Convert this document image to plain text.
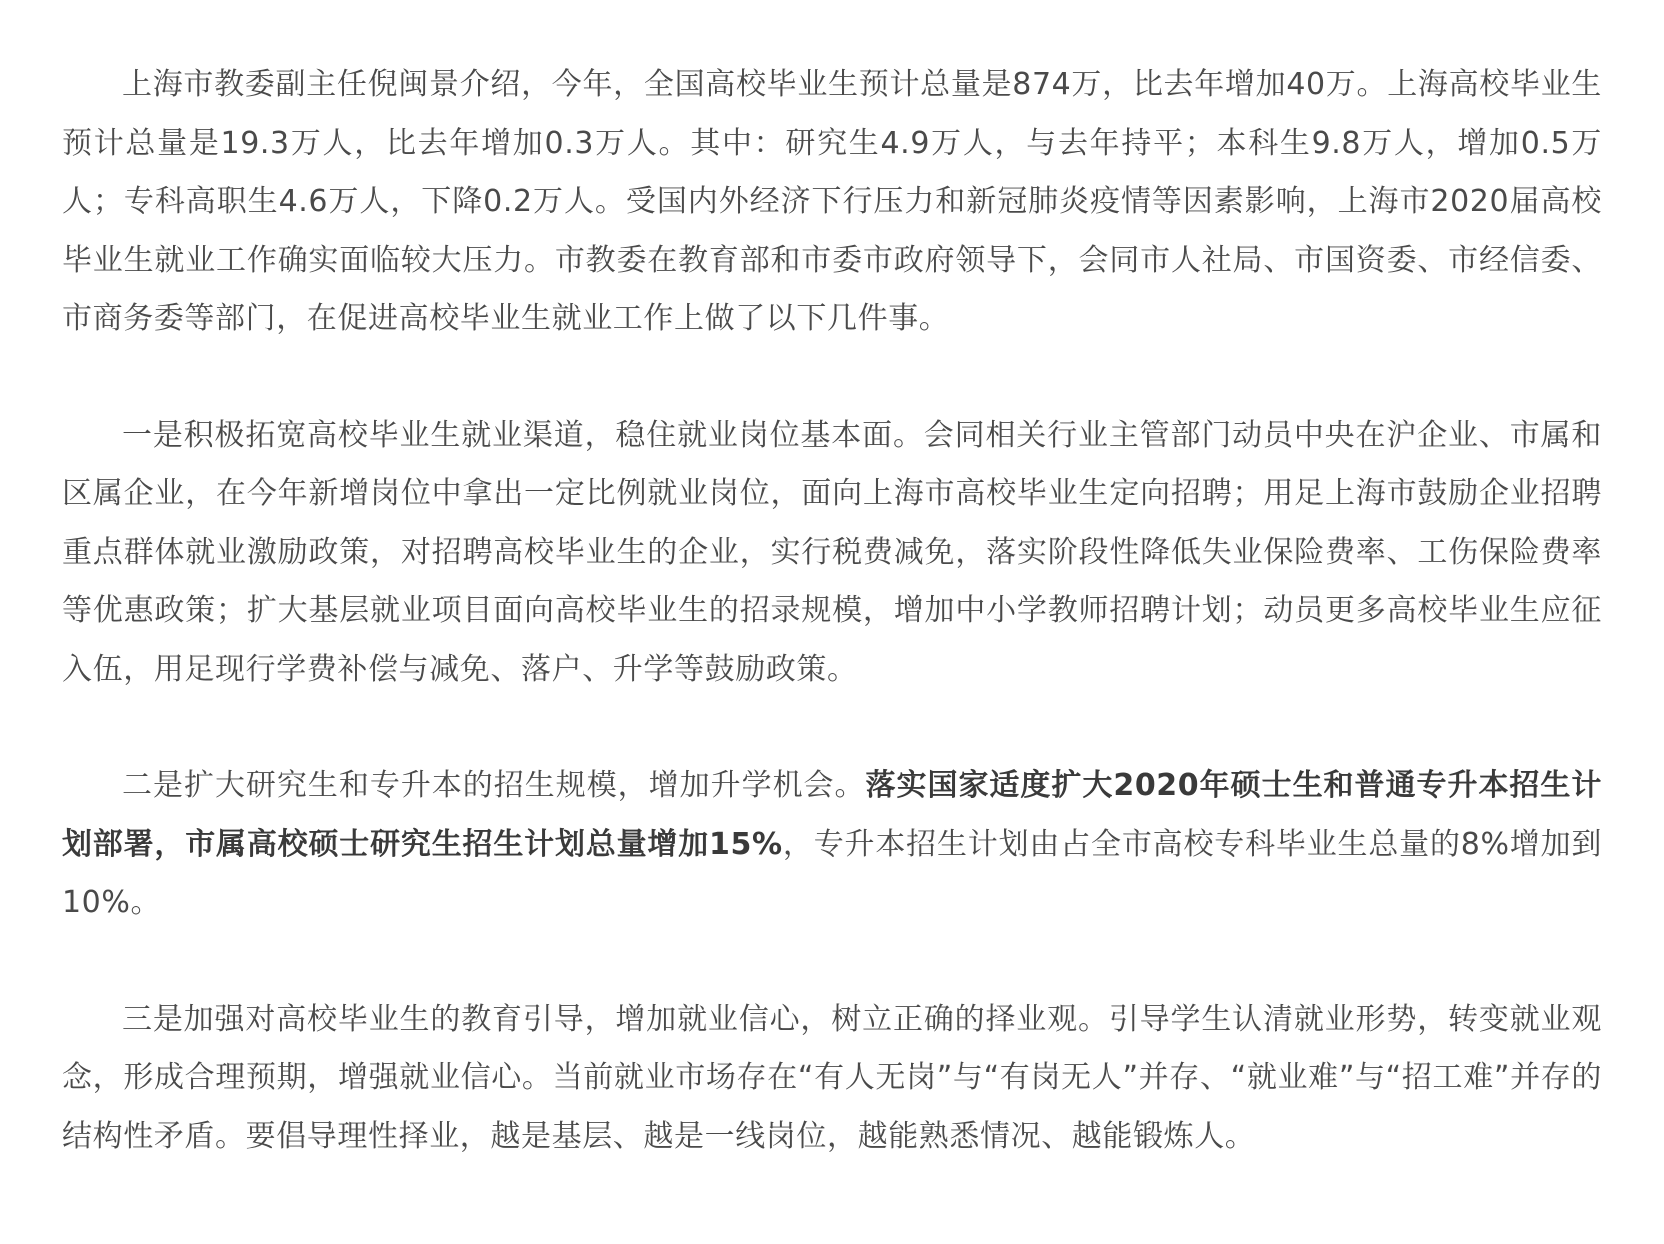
上海市教委副主任倪闽景介绍，今年，全国高校毕业生预计总量是874万，比去年增加40万。上海高校毕业生预计总量是19.3万人，比去年增加0.3万人。其中：研究生4.9万人，与去年持平；本科生9.8万人，增加0.5万人；专科高职生4.6万人，下降0.2万人。受国内外经济下行压力和新冠肺炎疫情等因素影响，上海市2020届高校毕业生就业工作确实面临较大压力。市教委在教育部和市委市政府领导下，会同市人社局、市国资委、市经信委、市商务委等部门，在促进高校毕业生就业工作上做了以下几件事。

一是积极拓宽高校毕业生就业渠道，稳住就业岗位基本面。会同相关行业主管部门动员中央在沪企业、市属和区属企业，在今年新增岗位中拿出一定比例就业岗位，面向上海市高校毕业生定向招聘；用足上海市鼓励企业招聘重点群体就业激励政策，对招聘高校毕业生的企业，实行税费减免，落实阶段性降低失业保险费率、工伤保险费率等优惠政策；扩大基层就业项目面向高校毕业生的招录规模，增加中小学教师招聘计划；动员更多高校毕业生应征入伍，用足现行学费补偿与减免、落户、升学等鼓励政策。

二是扩大研究生和专升本的招生规模，增加升学机会。落实国家适度扩大2020年硕士生和普通专升本招生计划部署，市属高校硕士研究生招生计划总量增加15%，专升本招生计划由占全市高校专科毕业生总量的8%增加到10%。

三是加强对高校毕业生的教育引导，增加就业信心，树立正确的择业观。引导学生认清就业形势，转变就业观念，形成合理预期，增强就业信心。当前就业市场存在“有人无岗”与“有岗无人”并存、“就业难”与“招工难”并存的结构性矛盾。要倡导理性择业，越是基层、越是一线岗位，越能熟悉情况、越能锻炼人。
